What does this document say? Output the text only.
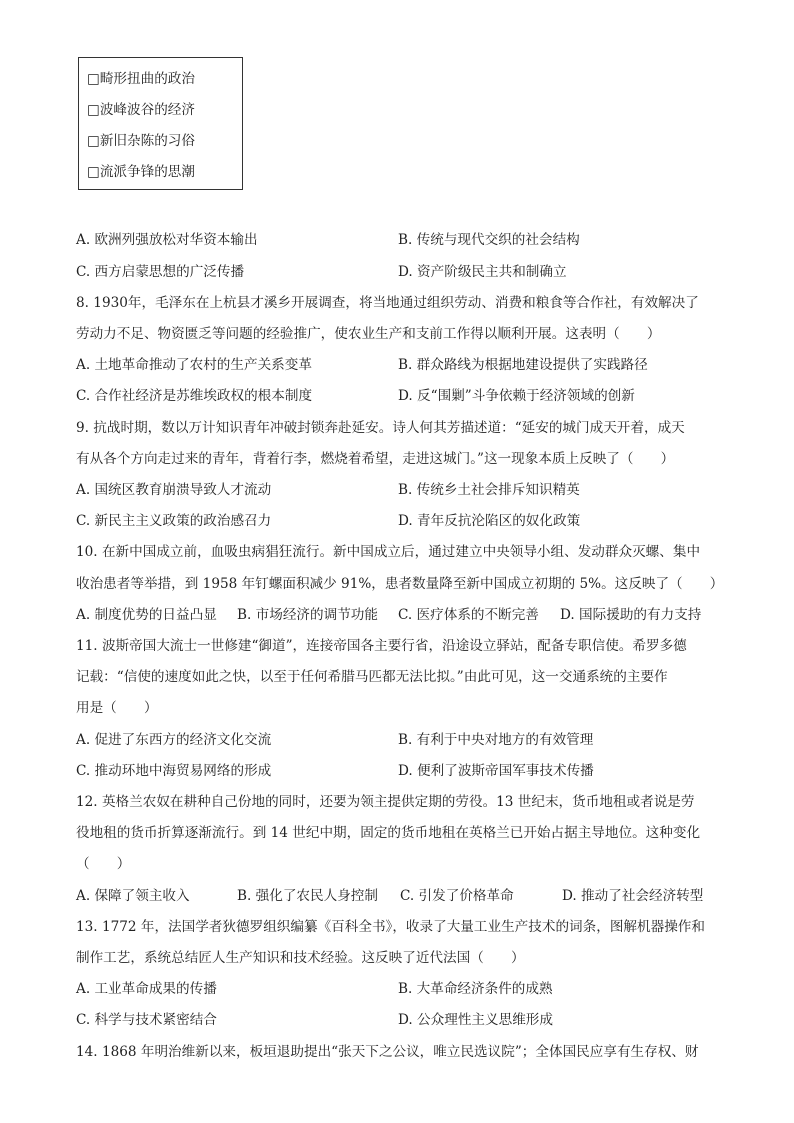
□畸形扭曲的政治
□波峰波谷的经济
□新旧杂陈的习俗
□流派争锋的思潮
A. 欧洲列强放松对华资本输出	B. 传统与现代交织的社会结构
C. 西方启蒙思想的广泛传播	D. 资产阶级民主共和制确立
8. 1930年，毛泽东在上杭县才溪乡开展调查，将当地通过组织劳动、消费和粮食等合作社，有效解决了
劳动力不足、物资匮乏等问题的经验推广，使农业生产和支前工作得以顺利开展。这表明（　　）
A. 土地革命推动了农村的生产关系变革	B. 群众路线为根据地建设提供了实践路径
C. 合作社经济是苏维埃政权的根本制度	D. 反“围剿”斗争依赖于经济领域的创新
9. 抗战时期，数以万计知识青年冲破封锁奔赴延安。诗人何其芳描述道：“延安的城门成天开着，成天
有从各个方向走过来的青年，背着行李，燃烧着希望，走进这城门。”这一现象本质上反映了（　　）
A. 国统区教育崩溃导致人才流动	B. 传统乡土社会排斥知识精英
C. 新民主主义政策的政治感召力	D. 青年反抗沦陷区的奴化政策
10. 在新中国成立前，血吸虫病猖狂流行。新中国成立后，通过建立中央领导小组、发动群众灭螺、集中
收治患者等举措，到 1958 年钉螺面积减少 91%，患者数量降至新中国成立初期的 5%。这反映了（　　）
A. 制度优势的日益凸显 B. 市场经济的调节功能 C. 医疗体系的不断完善 D. 国际援助的有力支持
11. 波斯帝国大流士一世修建“御道”，连接帝国各主要行省，沿途设立驿站，配备专职信使。希罗多德
记载：“信使的速度如此之快，以至于任何希腊马匹都无法比拟。”由此可见，这一交通系统的主要作
用是（　　）
A. 促进了东西方的经济文化交流	B. 有利于中央对地方的有效管理
C. 推动环地中海贸易网络的形成	D. 便利了波斯帝国军事技术传播
12. 英格兰农奴在耕种自己份地的同时，还要为领主提供定期的劳役。13 世纪末，货币地租或者说是劳
役地租的货币折算逐渐流行。到 14 世纪中期，固定的货币地租在英格兰已开始占据主导地位。这种变化
（　　）
A. 保障了领主收入	B. 强化了农民人身控制 C. 引发了价格革命	D. 推动了社会经济转型
13. 1772 年，法国学者狄德罗组织编纂《百科全书》，收录了大量工业生产技术的词条，图解机器操作和
制作工艺，系统总结匠人生产知识和技术经验。这反映了近代法国（　　）
A. 工业革命成果的传播	B. 大革命经济条件的成熟
C. 科学与技术紧密结合	D. 公众理性主义思维形成
14. 1868 年明治维新以来，板垣退助提出“张天下之公议，唯立民选议院”；全体国民应享有生存权、财
